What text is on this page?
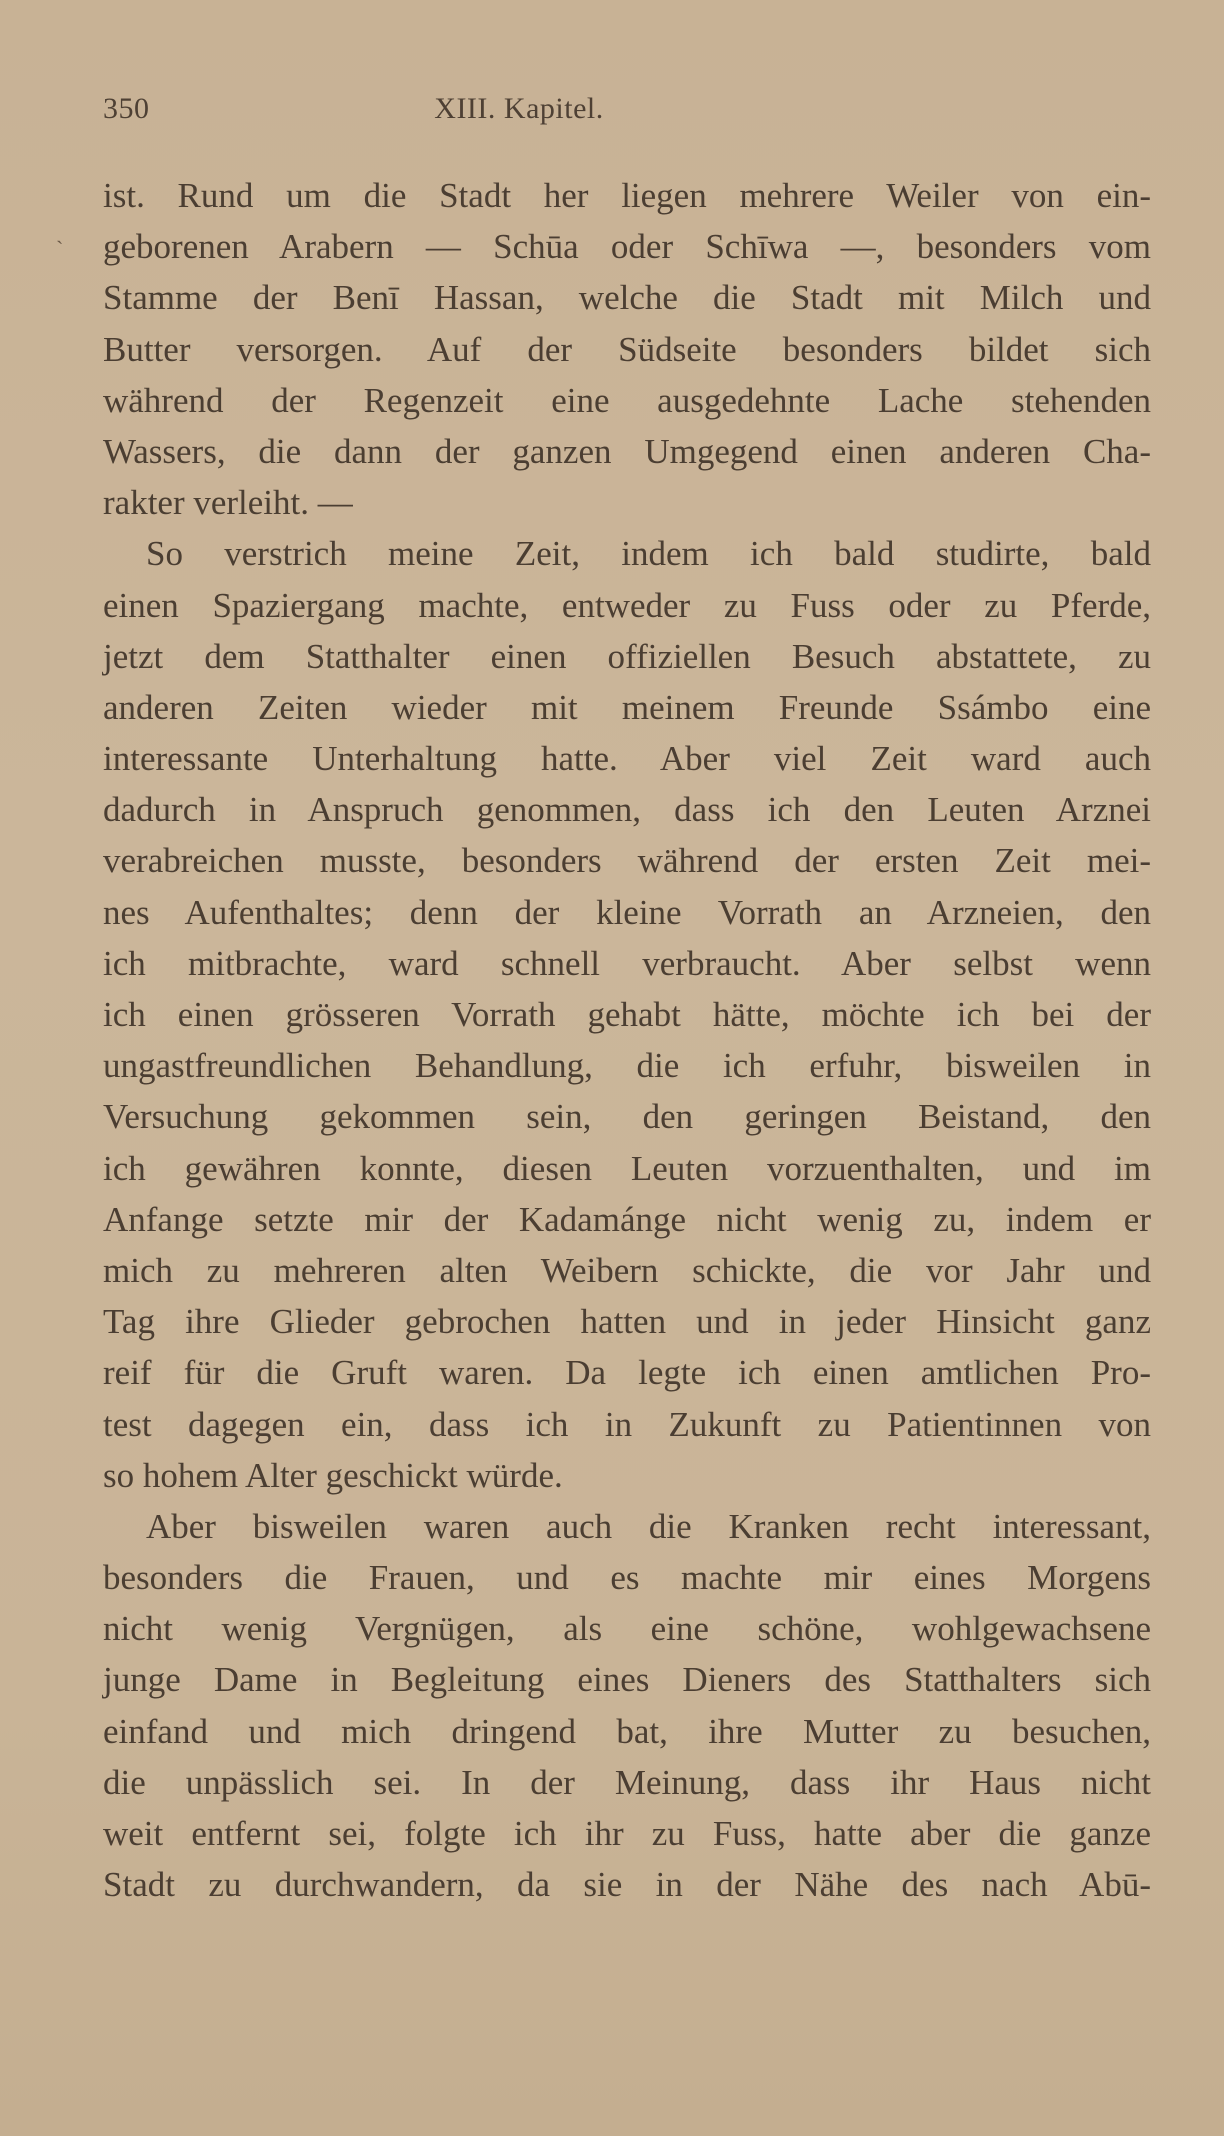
350	XIII. Kapitel.
`
ist. Rund um die Stadt her liegen mehrere Weiler von ein-
geborenen Arabern — Schūa oder Schīwa —, besonders vom
Stamme der Benī Hassan, welche die Stadt mit Milch und
Butter versorgen. Auf der Südseite besonders bildet sich
während der Regenzeit eine ausgedehnte Lache stehenden
Wassers, die dann der ganzen Umgegend einen anderen Cha-
rakter verleiht. —
So verstrich meine Zeit, indem ich bald studirte, bald
einen Spaziergang machte, entweder zu Fuss oder zu Pferde,
jetzt dem Statthalter einen offiziellen Besuch abstattete, zu
anderen Zeiten wieder mit meinem Freunde Ssámbo eine
interessante Unterhaltung hatte. Aber viel Zeit ward auch
dadurch in Anspruch genommen, dass ich den Leuten Arznei
verabreichen musste, besonders während der ersten Zeit mei-
nes Aufenthaltes; denn der kleine Vorrath an Arzneien, den
ich mitbrachte, ward schnell verbraucht. Aber selbst wenn
ich einen grösseren Vorrath gehabt hätte, möchte ich bei der
ungastfreundlichen Behandlung, die ich erfuhr, bisweilen in
Versuchung gekommen sein, den geringen Beistand, den
ich gewähren konnte, diesen Leuten vorzuenthalten, und im
Anfange setzte mir der Kadamánge nicht wenig zu, indem er
mich zu mehreren alten Weibern schickte, die vor Jahr und
Tag ihre Glieder gebrochen hatten und in jeder Hinsicht ganz
reif für die Gruft waren. Da legte ich einen amtlichen Pro-
test dagegen ein, dass ich in Zukunft zu Patientinnen von
so hohem Alter geschickt würde.
Aber bisweilen waren auch die Kranken recht interessant,
besonders die Frauen, und es machte mir eines Morgens
nicht wenig Vergnügen, als eine schöne, wohlgewachsene
junge Dame in Begleitung eines Dieners des Statthalters sich
einfand und mich dringend bat, ihre Mutter zu besuchen,
die unpässlich sei. In der Meinung, dass ihr Haus nicht
weit entfernt sei, folgte ich ihr zu Fuss, hatte aber die ganze
Stadt zu durchwandern, da sie in der Nähe des nach Abū-
